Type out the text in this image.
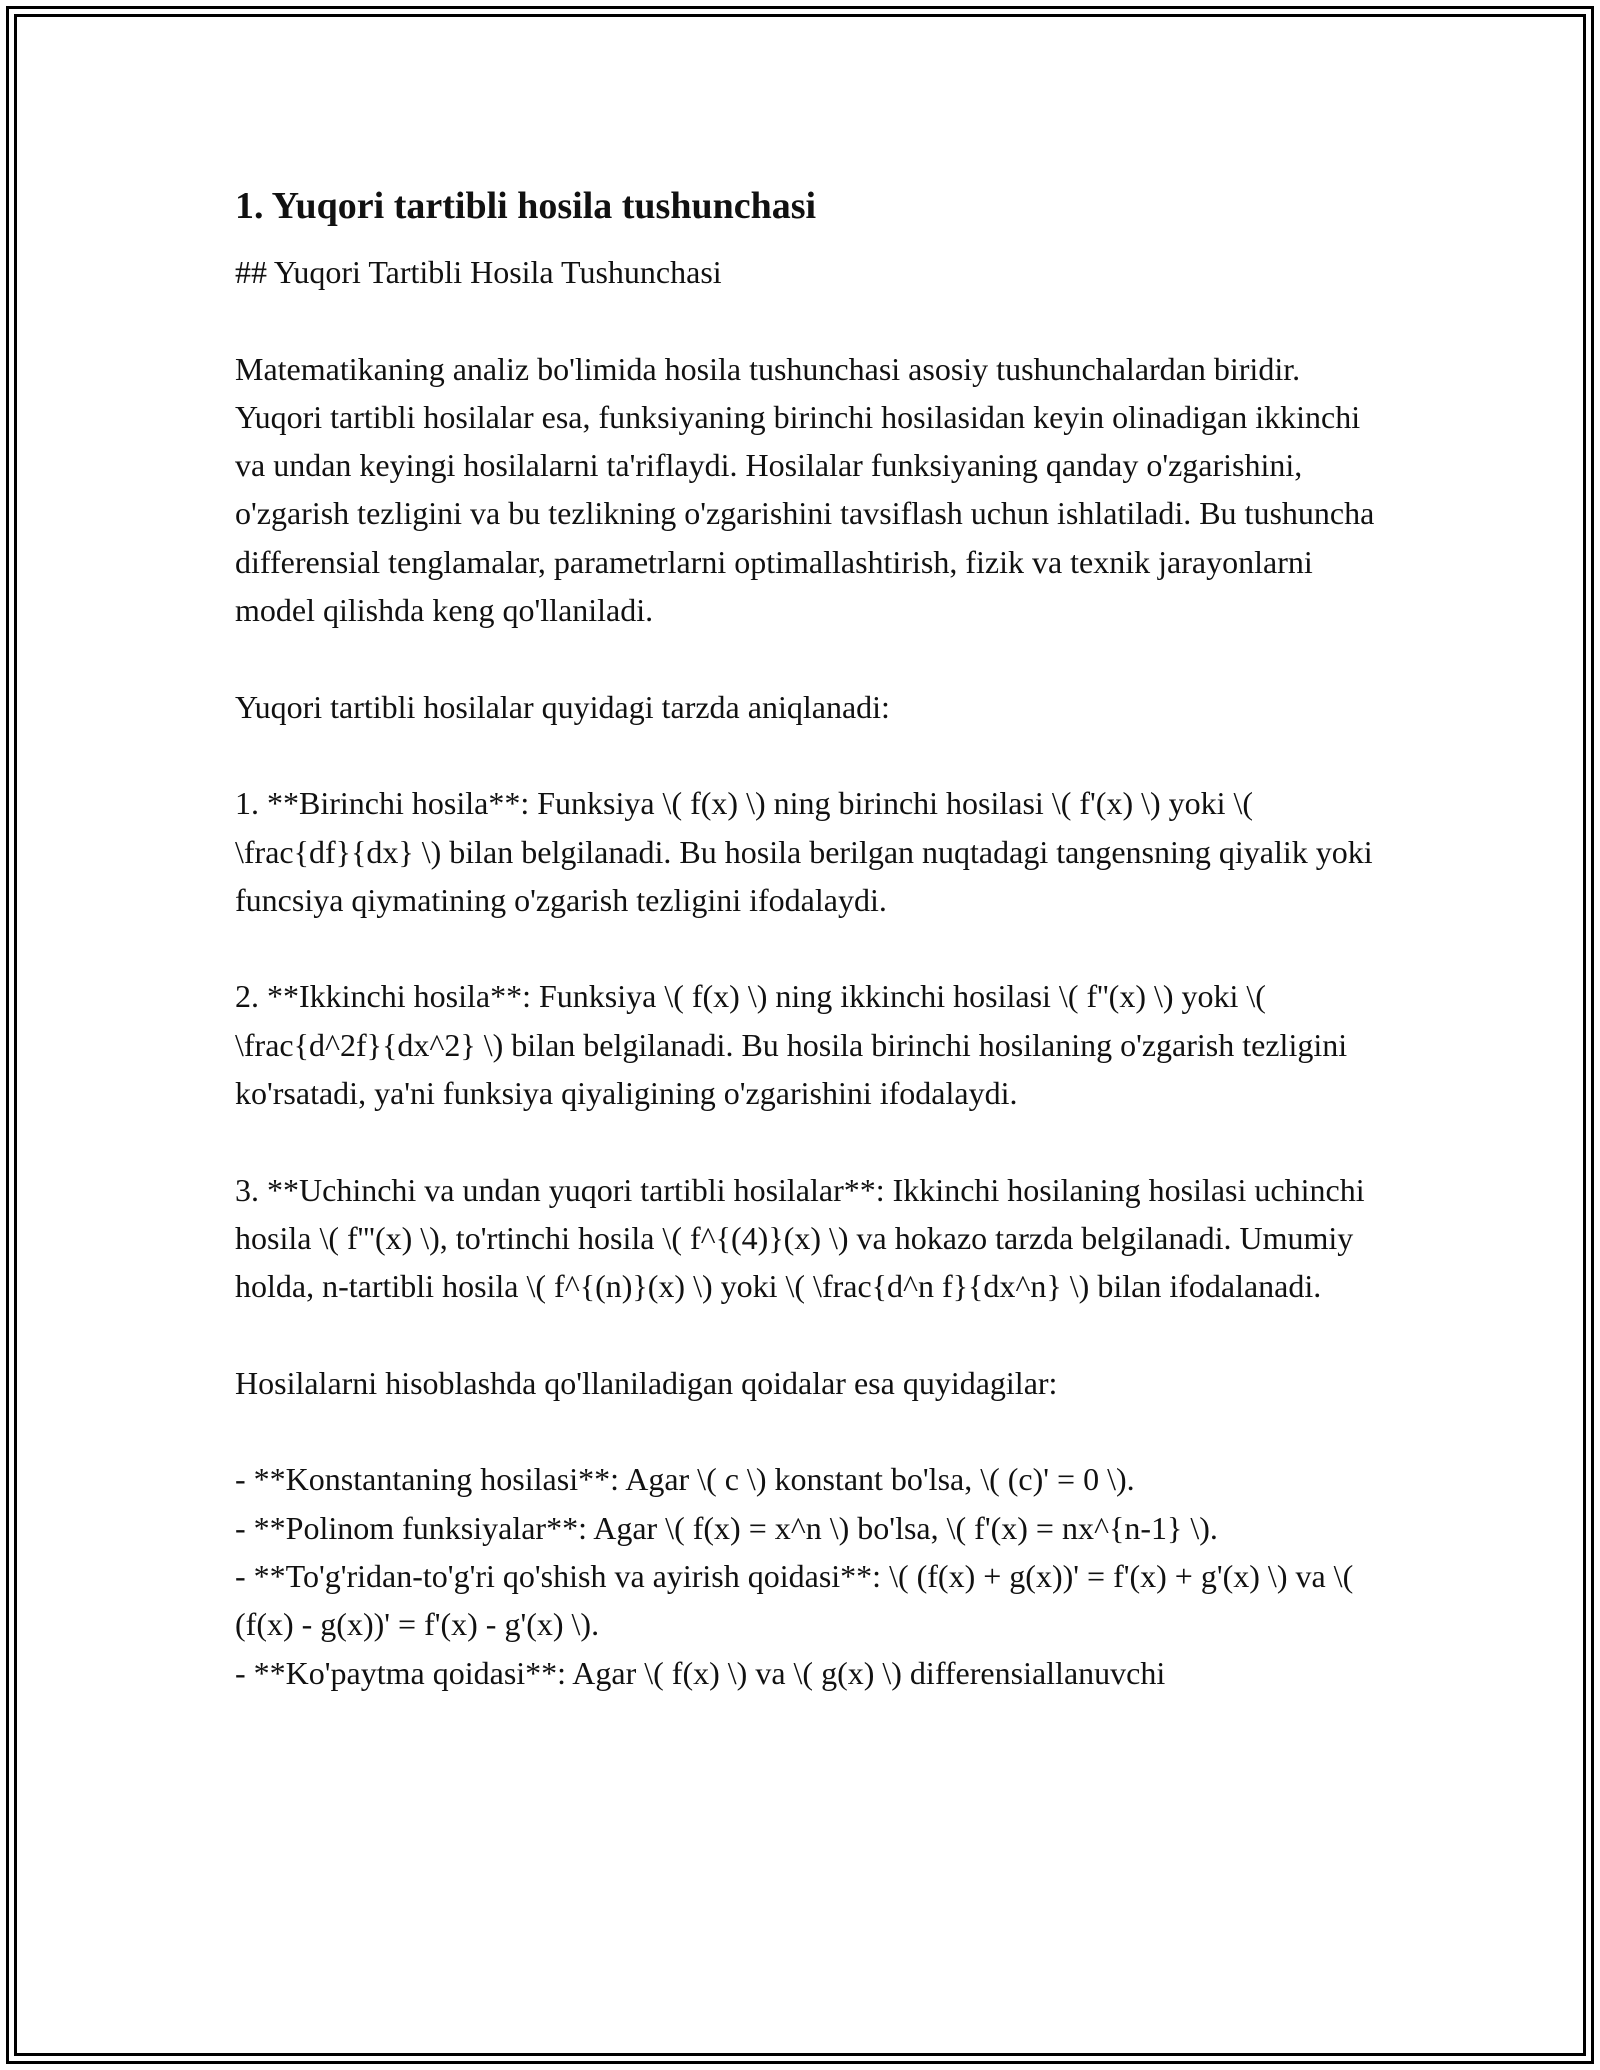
1. Yuqori tartibli hosila tushunchasi
## Yuqori Tartibli Hosila Tushunchasi
Matematikaning analiz bo'limida hosila tushunchasi asosiy tushunchalardan biridir. Yuqori tartibli hosilalar esa, funksiyaning birinchi hosilasidan keyin olinadigan ikkinchi va undan keyingi hosilalarni ta'riflaydi. Hosilalar funksiyaning qanday o'zgarishini, o'zgarish tezligini va bu tezlikning o'zgarishini tavsiflash uchun ishlatiladi. Bu tushuncha differensial tenglamalar, parametrlarni optimallashtirish, fizik va texnik jarayonlarni model qilishda keng qo'llaniladi.
Yuqori tartibli hosilalar quyidagi tarzda aniqlanadi:
1. **Birinchi hosila**: Funksiya \( f(x) \) ning birinchi hosilasi \( f'(x) \) yoki \( \frac{df}{dx} \) bilan belgilanadi. Bu hosila berilgan nuqtadagi tangensning qiyalik yoki funcsiya qiymatining o'zgarish tezligini ifodalaydi.
2. **Ikkinchi hosila**: Funksiya \( f(x) \) ning ikkinchi hosilasi \( f''(x) \) yoki \( \frac{d^2f}{dx^2} \) bilan belgilanadi. Bu hosila birinchi hosilaning o'zgarish tezligini ko'rsatadi, ya'ni funksiya qiyaligining o'zgarishini ifodalaydi.
3. **Uchinchi va undan yuqori tartibli hosilalar**: Ikkinchi hosilaning hosilasi uchinchi hosila \( f'''(x) \), to'rtinchi hosila \( f^{(4)}(x) \) va hokazo tarzda belgilanadi. Umumiy holda, n-tartibli hosila \( f^{(n)}(x) \) yoki \( \frac{d^n f}{dx^n} \) bilan ifodalanadi.
Hosilalarni hisoblashda qo'llaniladigan qoidalar esa quyidagilar:
- **Konstantaning hosilasi**: Agar \( c \) konstant bo'lsa, \( (c)' = 0 \).
- **Polinom funksiyalar**: Agar \( f(x) = x^n \) bo'lsa, \( f'(x) = nx^{n-1} \).
- **To'g'ridan-to'g'ri qo'shish va ayirish qoidasi**: \( (f(x) + g(x))' = f'(x) + g'(x) \) va \( (f(x) - g(x))' = f'(x) - g'(x) \).
- **Ko'paytma qoidasi**: Agar \( f(x) \) va \( g(x) \) differensiallanuvchi
